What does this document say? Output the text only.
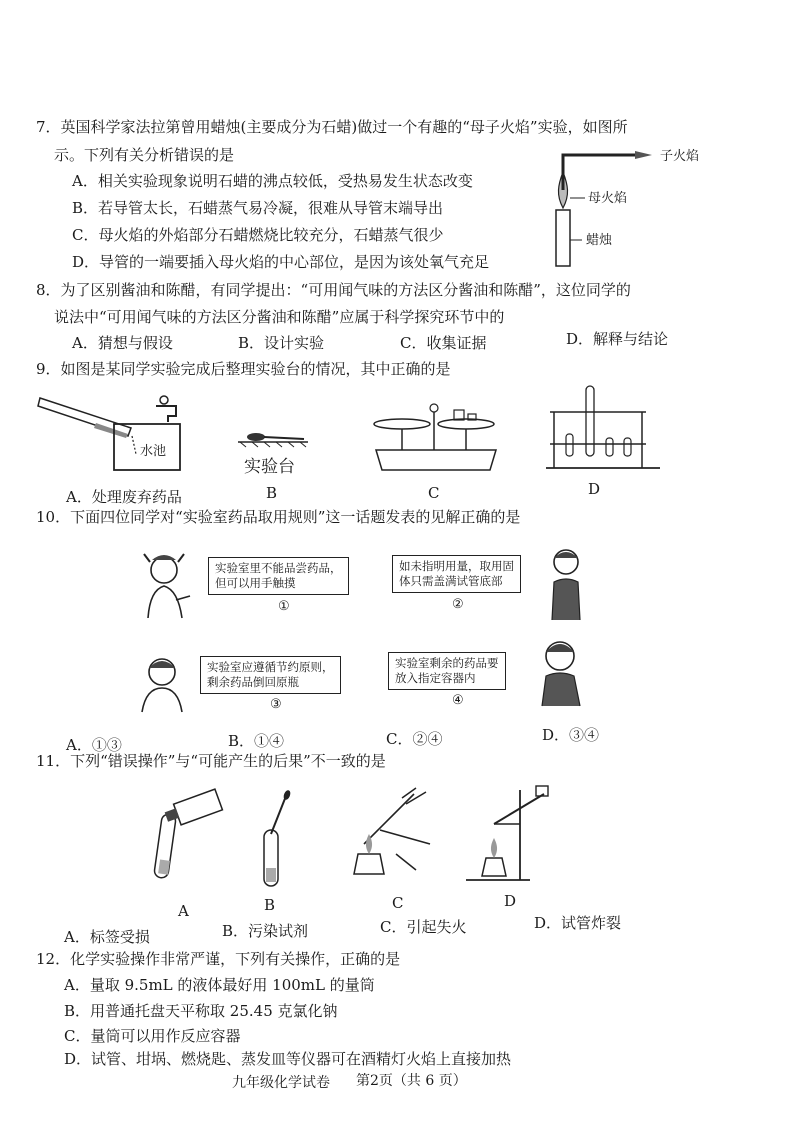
7．英国科学家法拉第曾用蜡烛(主要成分为石蜡)做过一个有趣的“母子火焰”实验，如图所
示。下列有关分析错误的是
A．相关实验现象说明石蜡的沸点较低，受热易发生状态改变
B．若导管太长，石蜡蒸气易冷凝，很难从导管末端导出
C．母火焰的外焰部分石蜡燃烧比较充分，石蜡蒸气很少
D．导管的一端要插入母火焰的中心部位，是因为该处氧气充足
子火焰
母火焰
蜡烛
8．为了区别酱油和陈醋，有同学提出：“可用闻气味的方法区分酱油和陈醋”，这位同学的
说法中“可用闻气味的方法区分酱油和陈醋”应属于科学探究环节中的
A．猜想与假设	B．设计实验	C．收集证据	D．解释与结论
9．如图是某同学实验完成后整理实验台的情况，其中正确的是
水池
A．处理废弃药品
实验台
B	C	D
10．下面四位同学对“实验室药品取用规则”这一话题发表的见解正确的是
实验室里不能品尝药品，
但可以用手触摸
①
如未指明用量，取用固
体只需盖满试管底部
②
实验室应遵循节约原则，
剩余药品倒回原瓶
③
实验室剩余的药品要
放入指定容器内
④
A．①③	B．①④	C．②④	D．③④
11．下列“错误操作”与“可能产生的后果”不一致的是
A	B	C	D
A．标签受损	B．污染试剂	C．引起失火	D．试管炸裂
12．化学实验操作非常严谨，下列有关操作，正确的是
A．量取 9.5mL 的液体最好用 100mL 的量筒
B．用普通托盘天平称取 25.45 克氯化钠
C．量筒可以用作反应容器
D．试管、坩埚、燃烧匙、蒸发皿等仪器可在酒精灯火焰上直接加热
九年级化学试卷 第2页（共 6 页）
